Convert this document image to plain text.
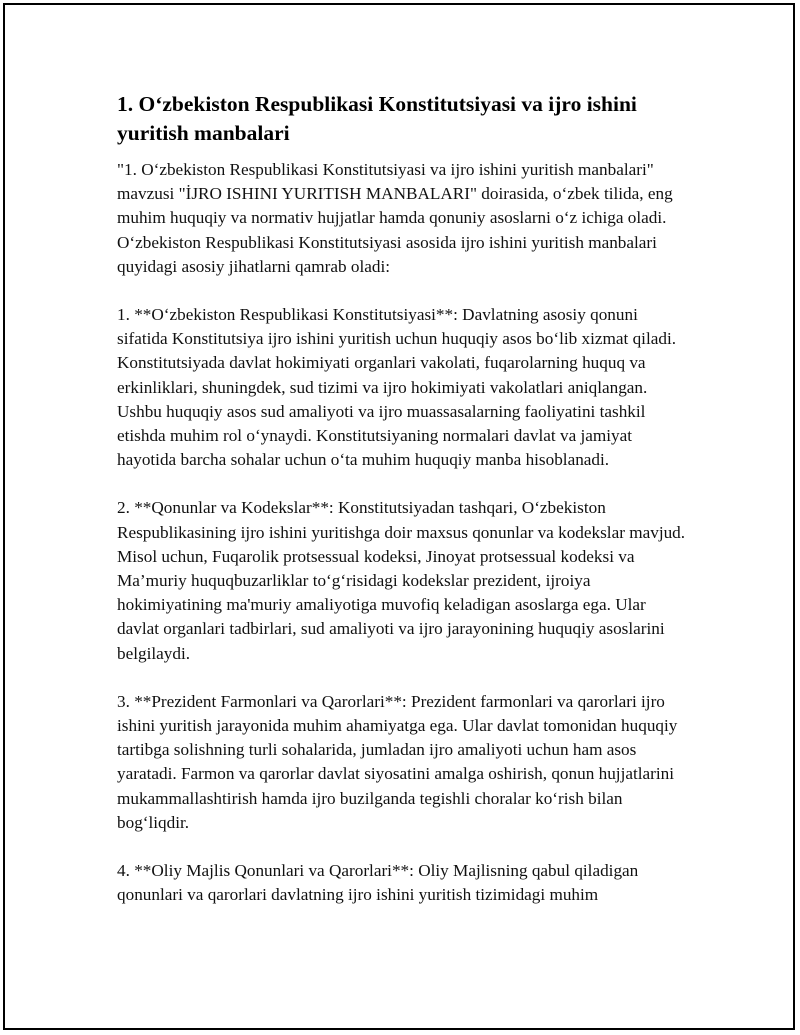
1. O‘zbekiston Respublikasi Konstitutsiyasi va ijro ishini yuritish manbalari
"1. O‘zbekiston Respublikasi Konstitutsiyasi va ijro ishini yuritish manbalari" mavzusi "İJRO ISHINI YURITISH MANBALARI" doirasida, o‘zbek tilida, eng muhim huquqiy va normativ hujjatlar hamda qonuniy asoslarni o‘z ichiga oladi. O‘zbekiston Respublikasi Konstitutsiyasi asosida ijro ishini yuritish manbalari quyidagi asosiy jihatlarni qamrab oladi:
1. **O‘zbekiston Respublikasi Konstitutsiyasi**: Davlatning asosiy qonuni sifatida Konstitutsiya ijro ishini yuritish uchun huquqiy asos bo‘lib xizmat qiladi. Konstitutsiyada davlat hokimiyati organlari vakolati, fuqarolarning huquq va erkinliklari, shuningdek, sud tizimi va ijro hokimiyati vakolatlari aniqlangan. Ushbu huquqiy asos sud amaliyoti va ijro muassasalarning faoliyatini tashkil etishda muhim rol o‘ynaydi. Konstitutsiyaning normalari davlat va jamiyat hayotida barcha sohalar uchun o‘ta muhim huquqiy manba hisoblanadi.
2. **Qonunlar va Kodekslar**: Konstitutsiyadan tashqari, O‘zbekiston Respublikasining ijro ishini yuritishga doir maxsus qonunlar va kodekslar mavjud. Misol uchun, Fuqarolik protsessual kodeksi, Jinoyat protsessual kodeksi va Ma’muriy huquqbuzarliklar to‘g‘risidagi kodekslar prezident, ijroiya hokimiyatining ma'muriy amaliyotiga muvofiq keladigan asoslarga ega. Ular davlat organlari tadbirlari, sud amaliyoti va ijro jarayonining huquqiy asoslarini belgilaydi.
3. **Prezident Farmonlari va Qarorlari**: Prezident farmonlari va qarorlari ijro ishini yuritish jarayonida muhim ahamiyatga ega. Ular davlat tomonidan huquqiy tartibga solishning turli sohalarida, jumladan ijro amaliyoti uchun ham asos yaratadi. Farmon va qarorlar davlat siyosatini amalga oshirish, qonun hujjatlarini mukammallashtirish hamda ijro buzilganda tegishli choralar ko‘rish bilan bog‘liqdir.
4. **Oliy Majlis Qonunlari va Qarorlari**: Oliy Majlisning qabul qiladigan qonunlari va qarorlari davlatning ijro ishini yuritish tizimidagi muhim
